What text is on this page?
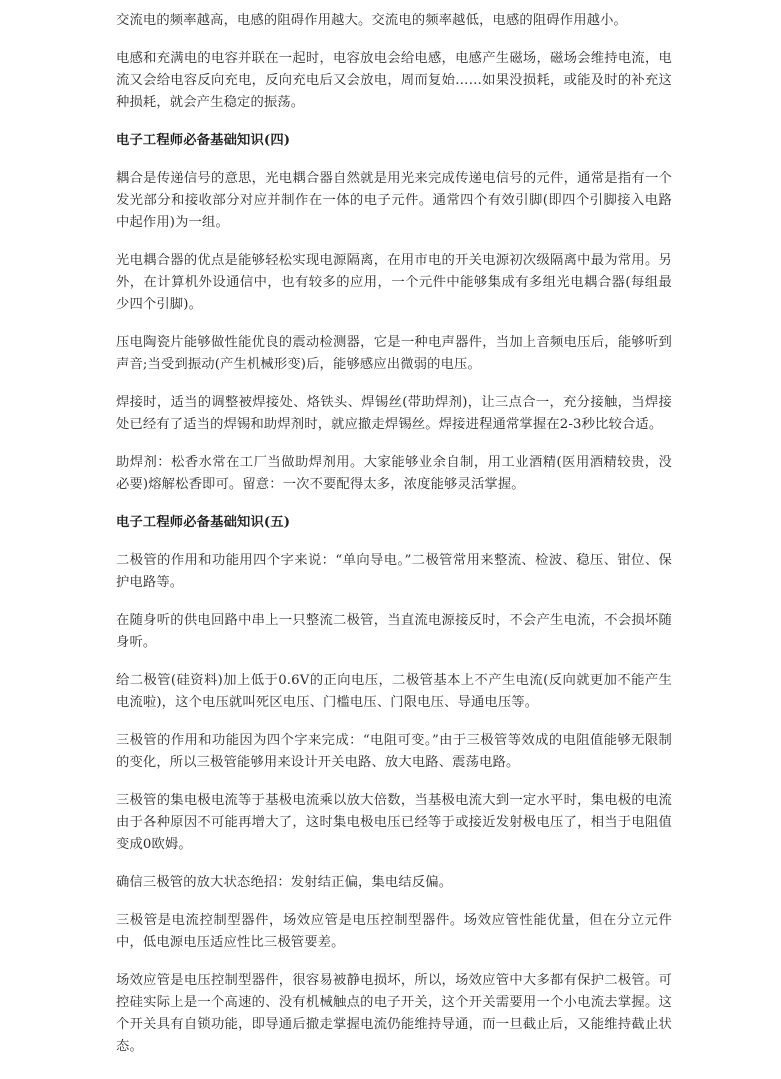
交流电的频率越高，电感的阻碍作用越大。交流电的频率越低，电感的阻碍作用越小。
电感和充满电的电容并联在一起时，电容放电会给电感，电感产生磁场，磁场会维持电流，电流又会给电容反向充电，反向充电后又会放电，周而复始……如果没损耗，或能及时的补充这种损耗，就会产生稳定的振荡。
电子工程师必备基础知识(四)
耦合是传递信号的意思，光电耦合器自然就是用光来完成传递电信号的元件，通常是指有一个发光部分和接收部分对应并制作在一体的电子元件。通常四个有效引脚(即四个引脚接入电路中起作用)为一组。
光电耦合器的优点是能够轻松实现电源隔离，在用市电的开关电源初次级隔离中最为常用。另外，在计算机外设通信中，也有较多的应用，一个元件中能够集成有多组光电耦合器(每组最少四个引脚)。
压电陶瓷片能够做性能优良的震动检测器，它是一种电声器件，当加上音频电压后，能够听到声音;当受到振动(产生机械形变)后，能够感应出微弱的电压。
焊接时，适当的调整被焊接处、烙铁头、焊锡丝(带助焊剂)，让三点合一，充分接触，当焊接处已经有了适当的焊锡和助焊剂时，就应撤走焊锡丝。焊接进程通常掌握在2-3秒比较合适。
助焊剂：松香水常在工厂当做助焊剂用。大家能够业余自制，用工业酒精(医用酒精较贵，没必要)熔解松香即可。留意：一次不要配得太多，浓度能够灵活掌握。
电子工程师必备基础知识(五)
二极管的作用和功能用四个字来说：“单向导电。”二极管常用来整流、检波、稳压、钳位、保护电路等。
在随身听的供电回路中串上一只整流二极管，当直流电源接反时，不会产生电流，不会损坏随身听。
给二极管(硅资料)加上低于0.6V的正向电压，二极管基本上不产生电流(反向就更加不能产生电流啦)，这个电压就叫死区电压、门槛电压、门限电压、导通电压等。
三极管的作用和功能因为四个字来完成：“电阻可变。”由于三极管等效成的电阻值能够无限制的变化，所以三极管能够用来设计开关电路、放大电路、震荡电路。
三极管的集电极电流等于基极电流乘以放大倍数，当基极电流大到一定水平时，集电极的电流由于各种原因不可能再增大了，这时集电极电压已经等于或接近发射极电压了，相当于电阻值变成0欧姆。
确信三极管的放大状态绝招：发射结正偏，集电结反偏。
三极管是电流控制型器件，场效应管是电压控制型器件。场效应管性能优量，但在分立元件中，低电源电压适应性比三极管要差。
场效应管是电压控制型器件，很容易被静电损坏，所以，场效应管中大多都有保护二极管。可控硅实际上是一个高速的、没有机械触点的电子开关，这个开关需要用一个小电流去掌握。这个开关具有自锁功能，即导通后撤走掌握电流仍能维持导通，而一旦截止后，又能维持截止状态。
